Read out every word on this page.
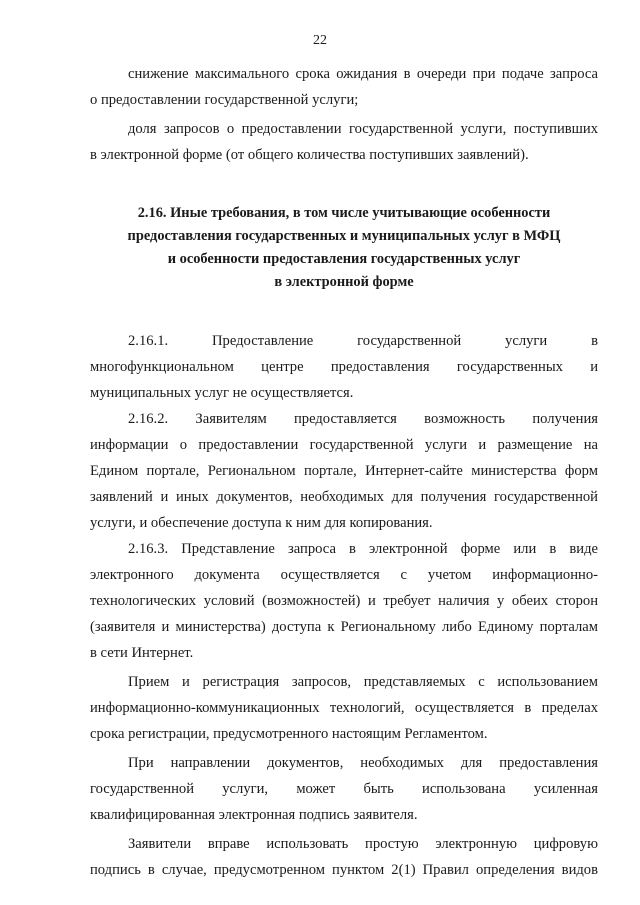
22
снижение максимального срока ожидания в очереди при подаче запроса
о предоставлении государственной услуги;
доля запросов о предоставлении государственной услуги, поступивших
в электронной форме (от общего количества поступивших заявлений).
2.16. Иные требования, в том числе учитывающие особенности
предоставления государственных и муниципальных услуг в МФЦ
и особенности предоставления государственных услуг
в электронной форме
2.16.1. Предоставление государственной услуги в
многофункциональном центре предоставления государственных и
муниципальных услуг не осуществляется.
2.16.2. Заявителям предоставляется возможность получения
информации о предоставлении государственной услуги и размещение на
Едином портале, Региональном портале, Интернет-сайте министерства форм
заявлений и иных документов, необходимых для получения государственной
услуги, и обеспечение доступа к ним для копирования.
2.16.3. Представление запроса в электронной форме или в виде
электронного документа осуществляется с учетом информационно-
технологических условий (возможностей) и требует наличия у обеих сторон
(заявителя и министерства) доступа к Региональному либо Единому порталам
в сети Интернет.
Прием и регистрация запросов, представляемых с использованием
информационно-коммуникационных технологий, осуществляется в пределах
срока регистрации, предусмотренного настоящим Регламентом.
При направлении документов, необходимых для предоставления
государственной услуги, может быть использована усиленная
квалифицированная электронная подпись заявителя.
Заявители вправе использовать простую электронную цифровую
подпись в случае, предусмотренном пунктом 2(1) Правил определения видов
